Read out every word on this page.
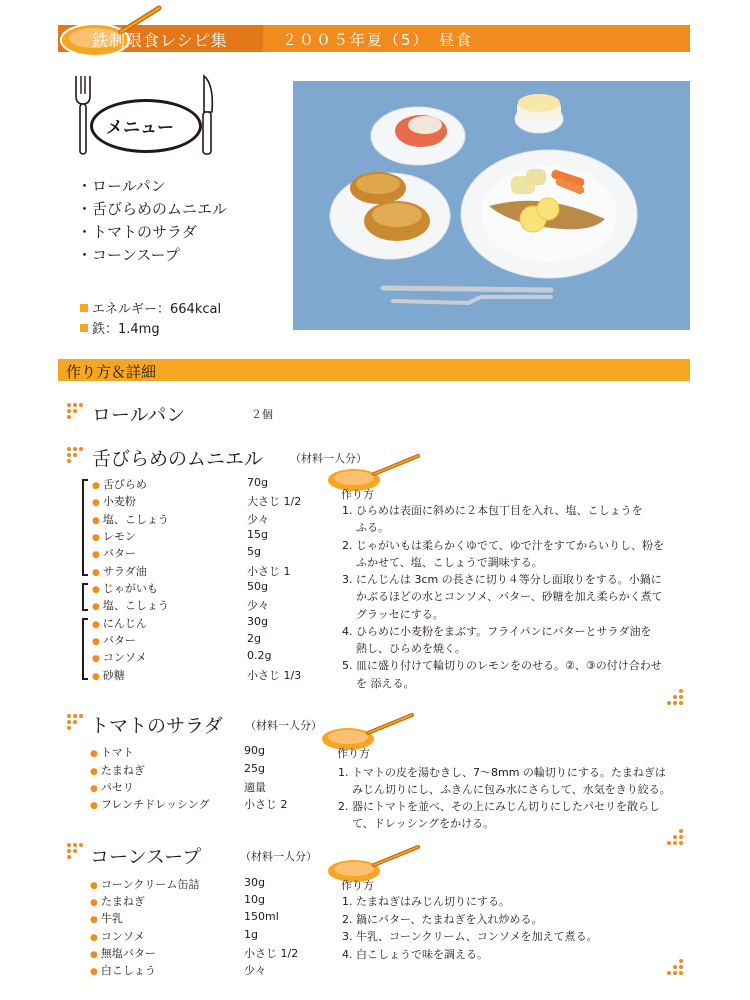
鉄制限食レシピ集	２００５年夏（5）　昼食
メニュー
・ロールパン
・舌びらめのムニエル
・トマトのサラダ
・コーンスープ
エネルギー：664kcal
鉄：1.4mg
作り方＆詳細
ロールパン	２個
舌びらめのムニエル （材料一人分）
● 舌びらめ	70g
● 小麦粉	大さじ 1/2
● 塩、こしょう	少々
● レモン	15g
● バター	5g
● サラダ油	小さじ 1
● じゃがいも	50g
● 塩、こしょう	少々
● にんじん	30g
● バター	2g
● コンソメ	0.2g
● 砂糖	小さじ 1/3
作り方
1. ひらめは表面に斜めに２本包丁目を入れ、塩、こしょうを
ふる。
2. じゃがいもは柔らかくゆでて、ゆで汁をすてからいりし、粉を
ふかせて、塩、こしょうで調味する。
3. にんじんは 3cm の長さに切り４等分し面取りをする。小鍋に
かぶるほどの水とコンソメ、バター、砂糖を加え柔らかく煮て
グラッセにする。
4. ひらめに小麦粉をまぶす。フライパンにバターとサラダ油を
熱し、ひらめを焼く。
5. 皿に盛り付けて輪切りのレモンをのせる。②、③の付け合わせ
を 添える。
トマトのサラダ （材料一人分）
● トマト	90g
● たまねぎ	25g
● パセリ	適量
● フレンチドレッシング	小さじ 2
作り方
1. トマトの皮を湯むきし、7〜8mm の輪切りにする。たまねぎは
みじん切りにし、ふきんに包み水にさらして、水気をきり絞る。
2. 器にトマトを並べ、その上にみじん切りにしたパセリを散らし
て、ドレッシングをかける。
コーンスープ	（材料一人分）
● コーンクリーム缶詰	30g
● たまねぎ	10g
● 牛乳	150ml
● コンソメ	1g
● 無塩バター	小さじ 1/2
● 白こしょう	少々
作り方
1. たまねぎはみじん切りにする。
2. 鍋にバター、たまねぎを入れ炒める。
3. 牛乳、コーンクリーム、コンソメを加えて煮る。
4. 白こしょうで味を調える。
